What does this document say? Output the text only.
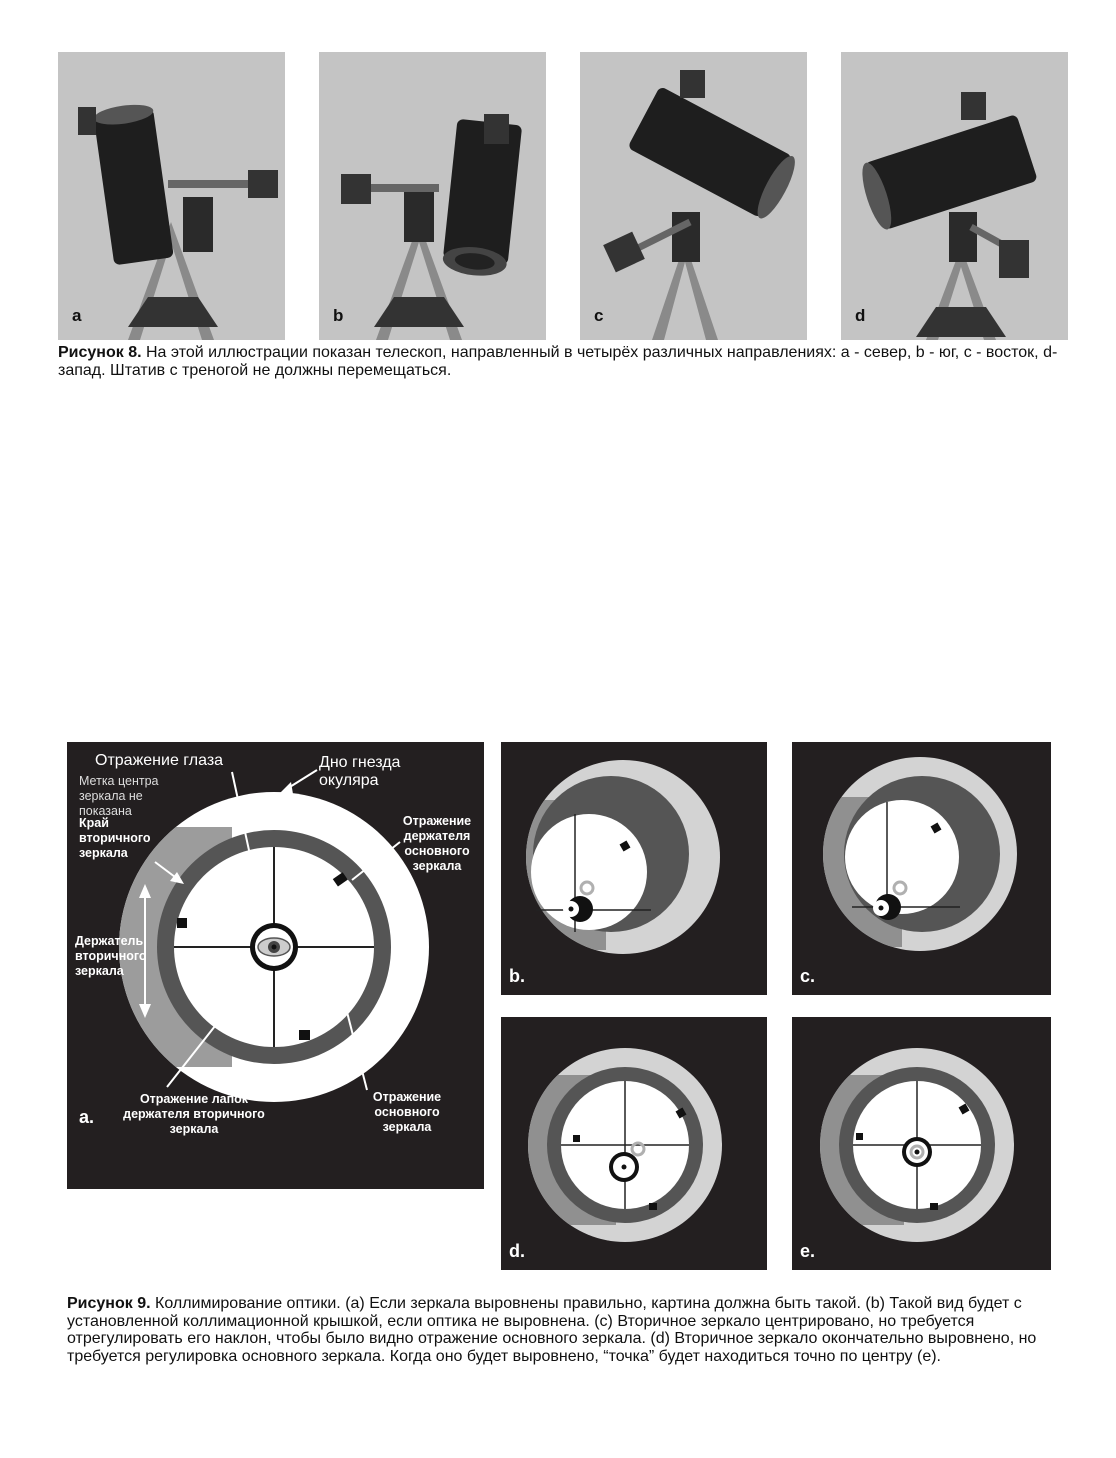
a	b	c	d
Рисунок 8. На этой иллюстрации показан телескоп, направленный в четырёх различных направлениях: а - север, b - юг, c - восток, d- запад. Штатив с треногой не должны перемещаться.
Отражение глаза
Метка центра зеркала не показана
Дно гнезда окуляра
Край вторичного зеркала
Отражение держателя основного зеркала
Держатель вторичного зеркала
Отражение лапок держателя вторичного зеркала
Отражение основного зеркала
a.
b.	c.
d.	e.
Рисунок 9. Коллимирование оптики. (a) Если зеркала выровнены правильно, картина должна быть такой. (b) Такой вид будет с установленной коллимационной крышкой, если оптика не выровнена. (c) Вторичное зеркало центрировано, но требуется отрегулировать его наклон, чтобы было видно отражение основного зеркала. (d) Вторичное зеркало окончательно выровнено, но требуется регулировка основного зеркала. Когда оно будет выровнено, “точка” будет находиться точно по центру (e).
